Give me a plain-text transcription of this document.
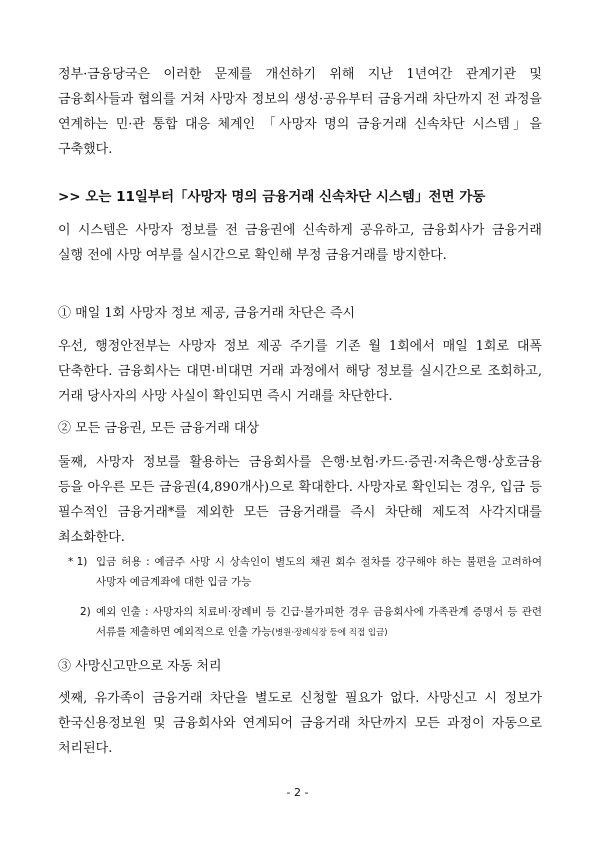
정부·금융당국은 이러한 문제를 개선하기 위해 지난 1년여간 관계기관 및 금융회사들과 협의를 거쳐 사망자 정보의 생성·공유부터 금융거래 차단까지 전 과정을 연계하는 민·관 통합 대응 체계인 「사망자 명의 금융거래 신속차단 시스템」을 구축했다.

>> 오는 11일부터「사망자 명의 금융거래 신속차단 시스템」전면 가동

이 시스템은 사망자 정보를 전 금융권에 신속하게 공유하고, 금융회사가 금융거래 실행 전에 사망 여부를 실시간으로 확인해 부정 금융거래를 방지한다.

① 매일 1회 사망자 정보 제공, 금융거래 차단은 즉시

우선, 행정안전부는 사망자 정보 제공 주기를 기존 월 1회에서 매일 1회로 대폭 단축한다. 금융회사는 대면·비대면 거래 과정에서 해당 정보를 실시간으로 조회하고, 거래 당사자의 사망 사실이 확인되면 즉시 거래를 차단한다.

② 모든 금융권, 모든 금융거래 대상

둘째, 사망자 정보를 활용하는 금융회사를 은행·보험·카드·증권·저축은행·상호금융 등을 아우른 모든 금융권(4,890개사)으로 확대한다. 사망자로 확인되는 경우, 입금 등 필수적인 금융거래*를 제외한 모든 금융거래를 즉시 차단해 제도적 사각지대를 최소화한다.

* 1) 입금 허용 : 예금주 사망 시 상속인이 별도의 채권 회수 절차를 강구해야 하는 불편을 고려하여 사망자 예금계좌에 대한 입금 가능

2) 예외 인출 : 사망자의 치료비·장례비 등 긴급·불가피한 경우 금융회사에 가족관계 증명서 등 관련 서류를 제출하면 예외적으로 인출 가능(병원·장례식장 등에 직접 입금)

③ 사망신고만으로 자동 처리

셋째, 유가족이 금융거래 차단을 별도로 신청할 필요가 없다. 사망신고 시 정보가 한국신용정보원 및 금융회사와 연계되어 금융거래 차단까지 모든 과정이 자동으로 처리된다.

- 2 -
